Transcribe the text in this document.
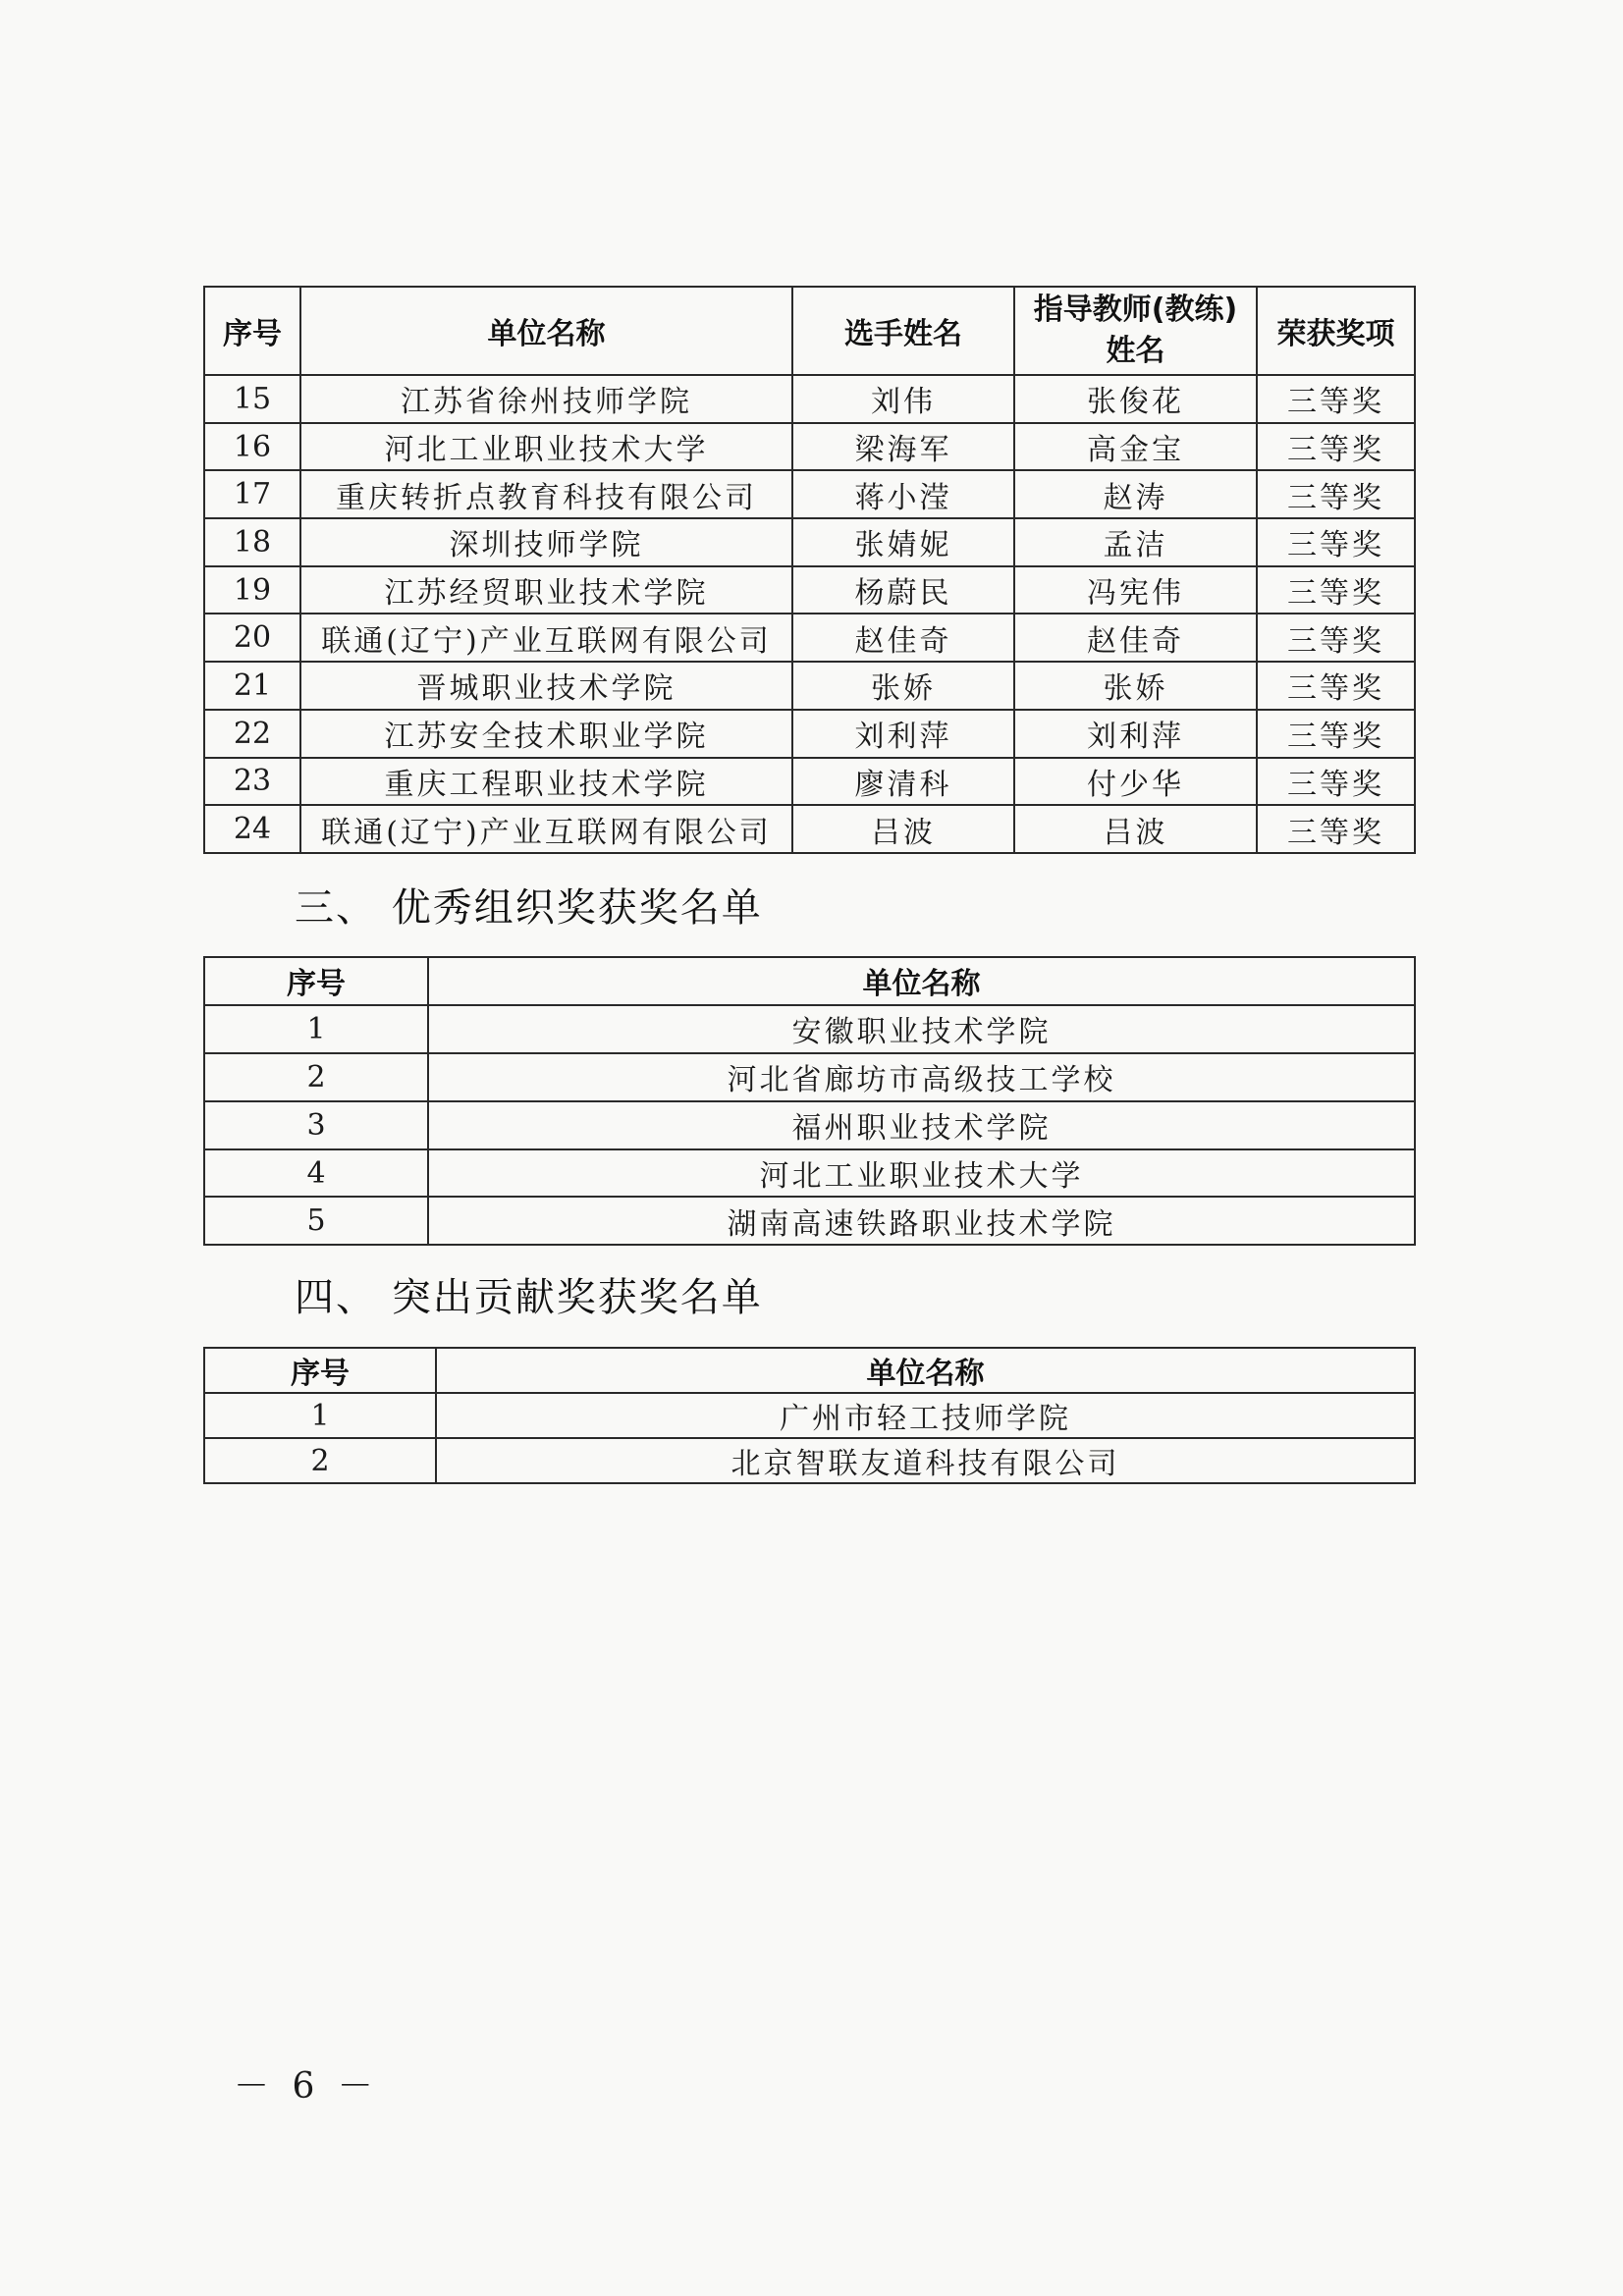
序号	单位名称	选手姓名	指导教师(教练)姓名	荣获奖项
15	江苏省徐州技师学院	刘伟	张俊花	三等奖
16	河北工业职业技术大学	梁海军	高金宝	三等奖
17	重庆转折点教育科技有限公司	蒋小滢	赵涛	三等奖
18	深圳技师学院	张婧妮	孟洁	三等奖
19	江苏经贸职业技术学院	杨蔚民	冯宪伟	三等奖
20	联通(辽宁)产业互联网有限公司	赵佳奇	赵佳奇	三等奖
21	晋城职业技术学院	张娇	张娇	三等奖
22	江苏安全技术职业学院	刘利萍	刘利萍	三等奖
23	重庆工程职业技术学院	廖清科	付少华	三等奖
24	联通(辽宁)产业互联网有限公司	吕波	吕波	三等奖
三、 优秀组织奖获奖名单
序号	单位名称
1	安徽职业技术学院
2	河北省廊坊市高级技工学校
3	福州职业技术学院
4	河北工业职业技术大学
5	湖南高速铁路职业技术学院
四、 突出贡献奖获奖名单
序号	单位名称
1	广州市轻工技师学院
2	北京智联友道科技有限公司
－ 6 －
